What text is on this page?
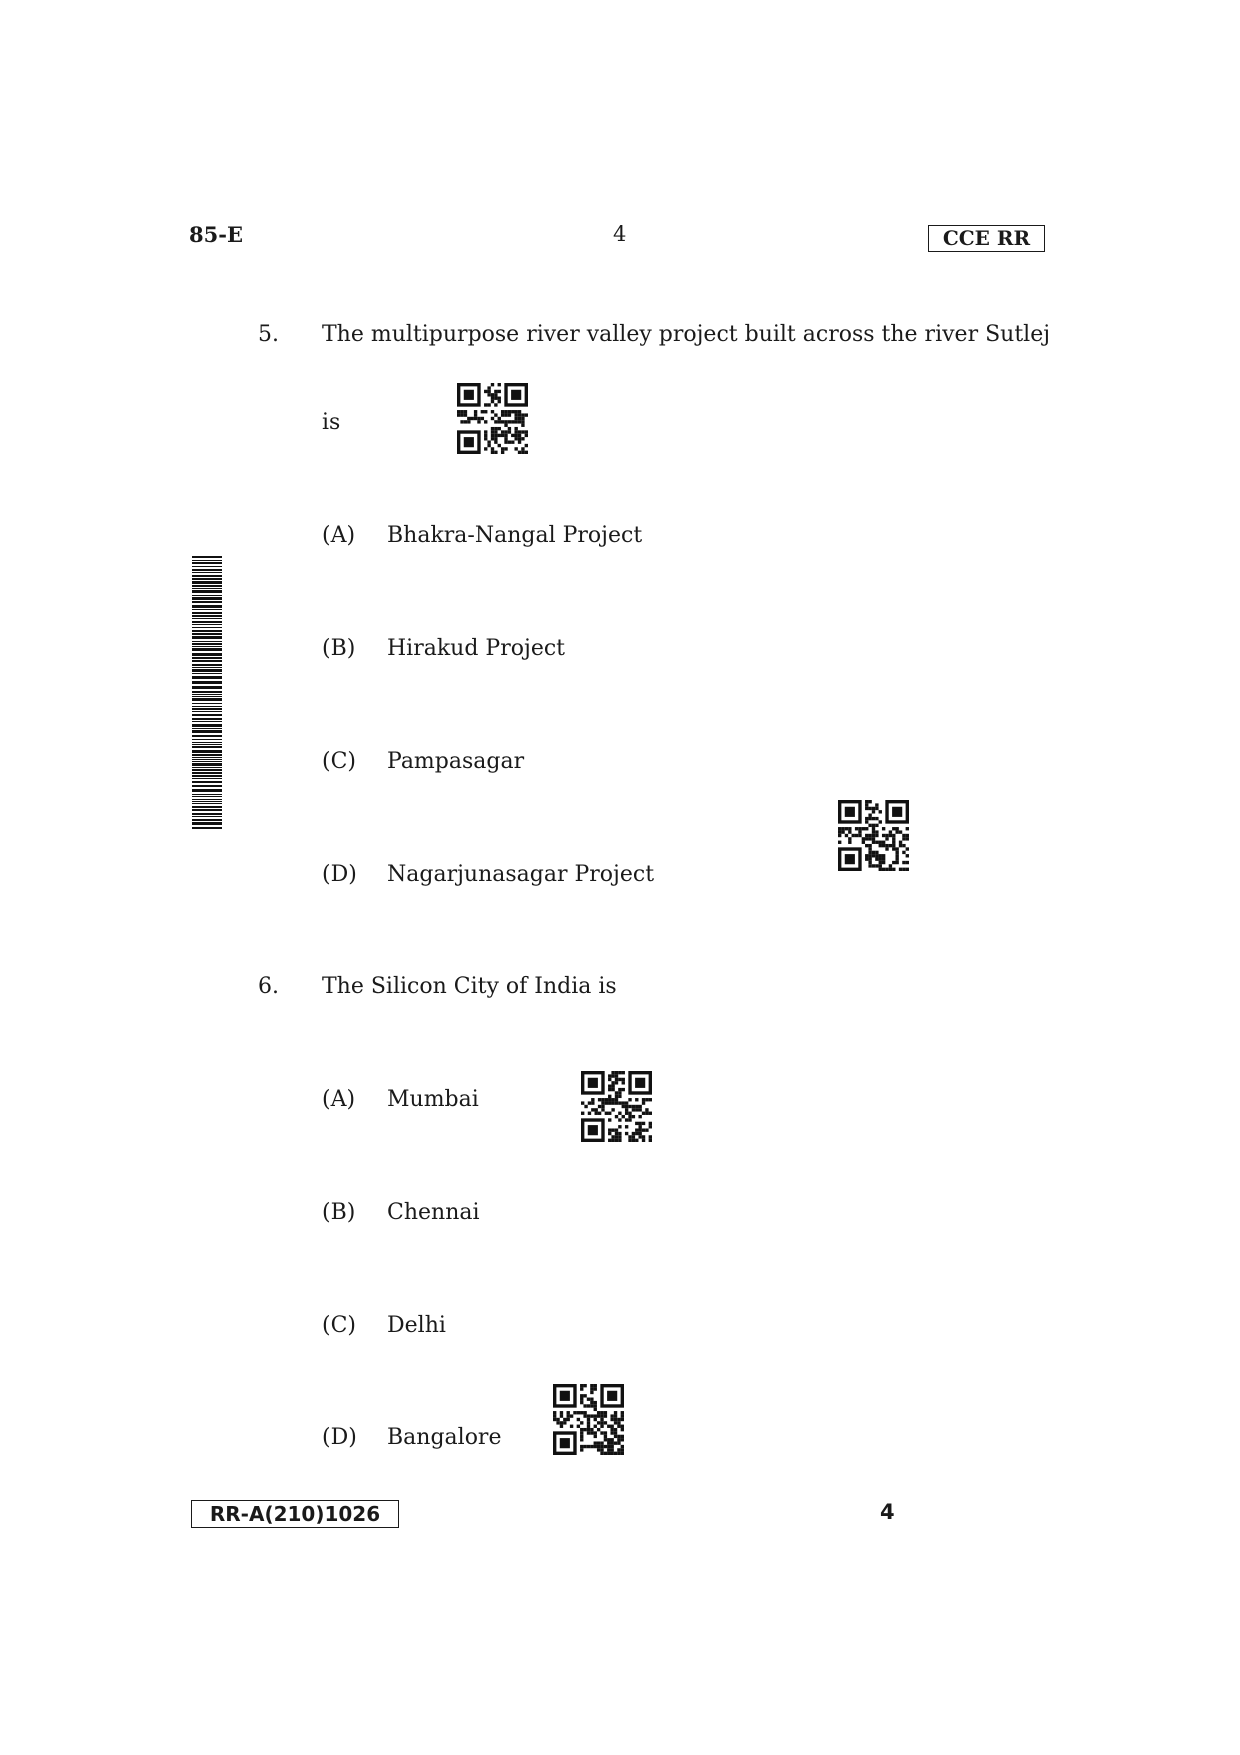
85-E	4	CCE RR
5. The multipurpose river valley project built across the river Sutlej
is
(A) Bhakra-Nangal Project
(B) Hirakud Project
(C) Pampasagar
(D) Nagarjunasagar Project
6. The Silicon City of India is
(A) Mumbai
(B) Chennai
(C) Delhi
(D) Bangalore
RR-A(210)1026	4
